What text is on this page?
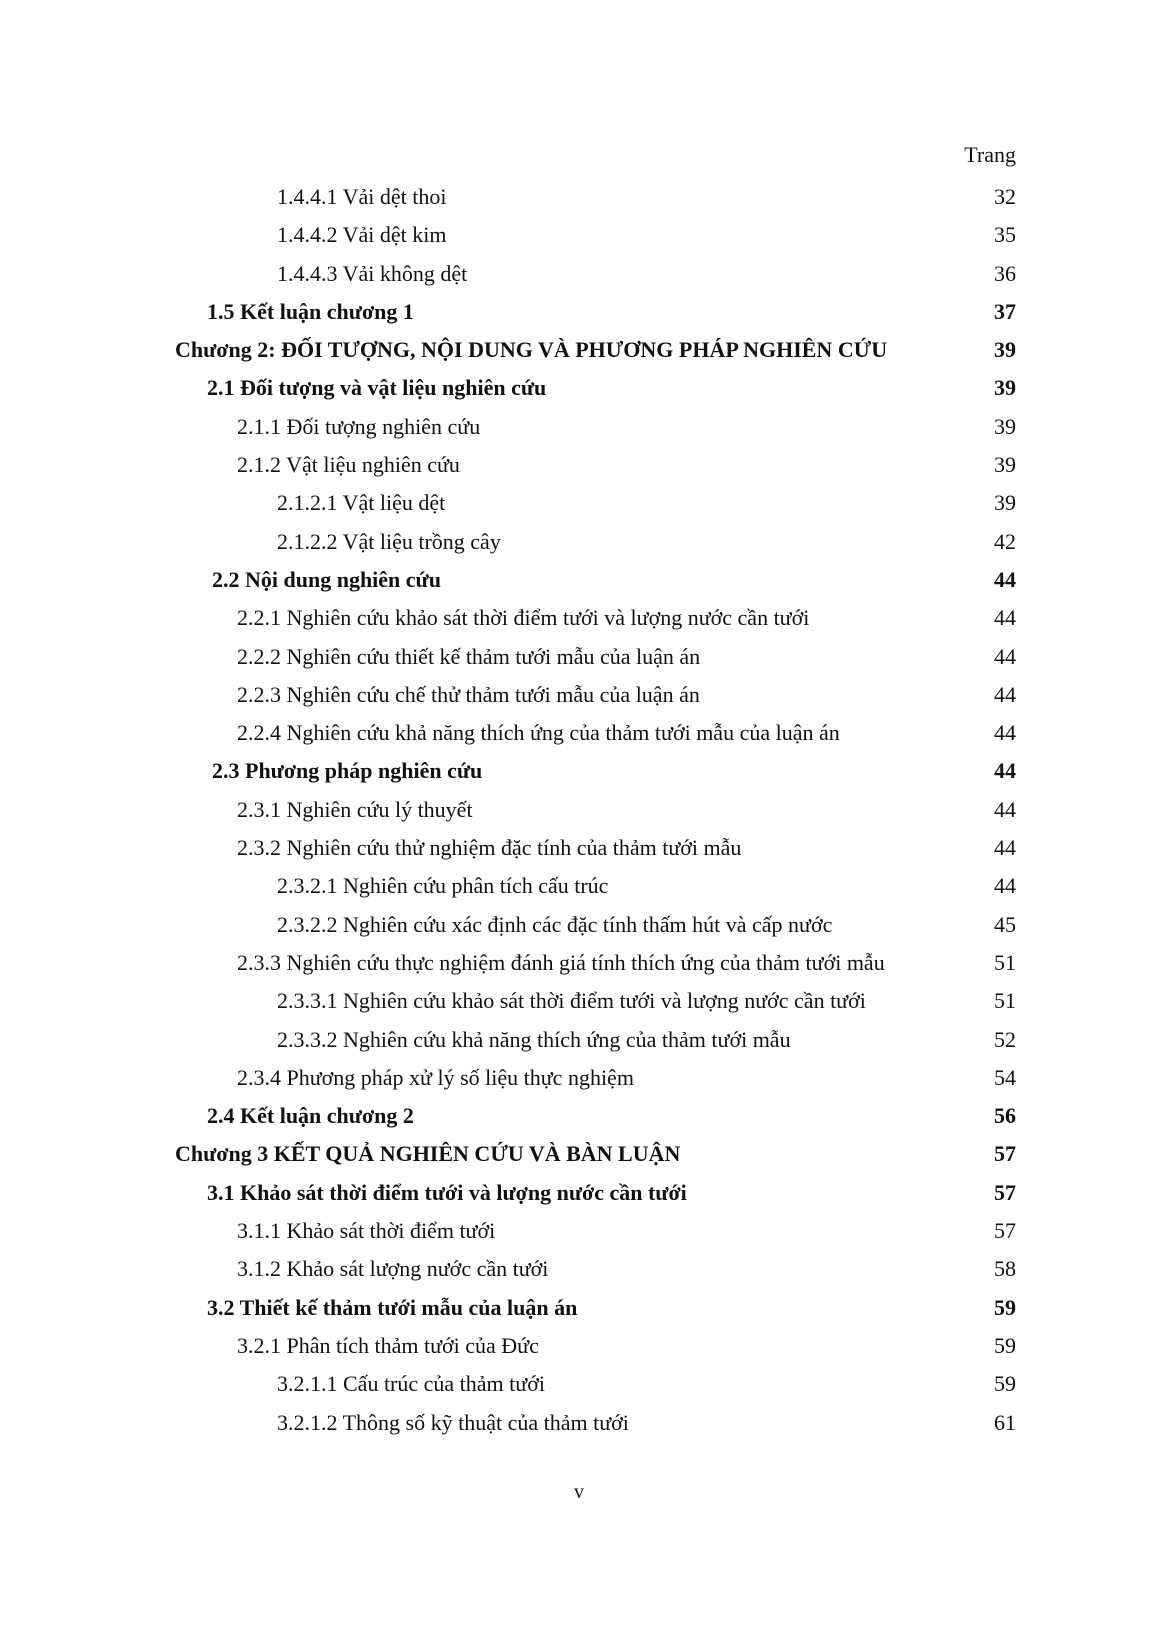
Trang
1.4.4.1 Vải dệt thoi	32
1.4.4.2 Vải dệt kim	35
1.4.4.3 Vải không dệt	36
1.5 Kết luận chương 1	37
Chương 2: ĐỐI TƯỢNG, NỘI DUNG VÀ PHƯƠNG PHÁP NGHIÊN CỨU	39
2.1 Đối tượng và vật liệu nghiên cứu	39
2.1.1 Đối tượng nghiên cứu	39
2.1.2 Vật liệu nghiên cứu	39
2.1.2.1 Vật liệu dệt	39
2.1.2.2 Vật liệu trồng cây	42
2.2 Nội dung nghiên cứu	44
2.2.1 Nghiên cứu khảo sát thời điểm tưới và lượng nước cần tưới	44
2.2.2 Nghiên cứu thiết kế thảm tưới mẫu của luận án	44
2.2.3 Nghiên cứu chế thử thảm tưới mẫu của luận án	44
2.2.4 Nghiên cứu khả năng thích ứng của thảm tưới mẫu của luận án	44
2.3 Phương pháp nghiên cứu	44
2.3.1 Nghiên cứu lý thuyết	44
2.3.2 Nghiên cứu thử nghiệm đặc tính của thảm tưới mẫu	44
2.3.2.1 Nghiên cứu phân tích cấu trúc	44
2.3.2.2 Nghiên cứu xác định các đặc tính thấm hút và cấp nước	45
2.3.3 Nghiên cứu thực nghiệm đánh giá tính thích ứng của thảm tưới mẫu	51
2.3.3.1 Nghiên cứu khảo sát thời điểm tưới và lượng nước cần tưới	51
2.3.3.2 Nghiên cứu khả năng thích ứng của thảm tưới mẫu	52
2.3.4 Phương pháp xử lý số liệu thực nghiệm	54
2.4 Kết luận chương 2	56
Chương 3 KẾT QUẢ NGHIÊN CỨU VÀ BÀN LUẬN	57
3.1 Khảo sát thời điểm tưới và lượng nước cần tưới	57
3.1.1 Khảo sát thời điểm tưới	57
3.1.2 Khảo sát lượng nước cần tưới	58
3.2 Thiết kế thảm tưới mẫu của luận án	59
3.2.1 Phân tích thảm tưới của Đức	59
3.2.1.1 Cấu trúc của thảm tưới	59
3.2.1.2 Thông số kỹ thuật của thảm tưới	61
v
